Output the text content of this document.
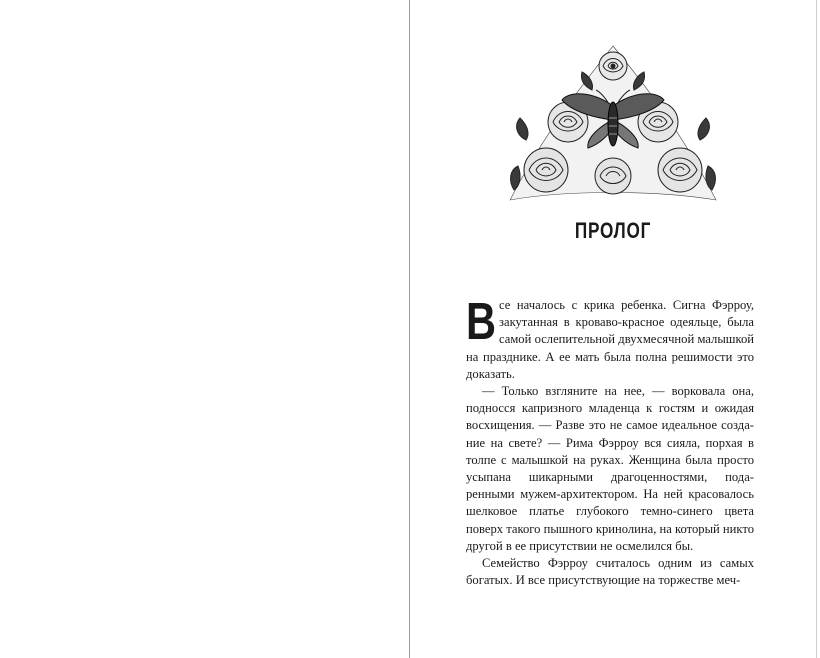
ПРОЛОГ

Все началось с крика ребенка. Сигна Фэрроу, закутанная в кроваво-красное одеяльце, была самой ослепительной двухмесячной малышкой на празднике. А ее мать была полна решимости это доказать.

— Только взгляните на нее, — ворковала она, подносся капризного младенца к гостям и ожидая восхищения. — Разве это не самое идеальное создание на свете? — Рима Фэрроу вся сияла, порхая в толпе с малышкой на руках. Женщина была просто усыпана шикарными драгоценностями, подаренными мужем-архитектором. На ней красовалось шелковое платье глубокого темно-синего цвета поверх такого пышного кринолина, на который никто другой в ее присутствии не осмелился бы.

Семейство Фэрроу считалось одним из самых богатых. И все присутствующие на торжестве меч-
